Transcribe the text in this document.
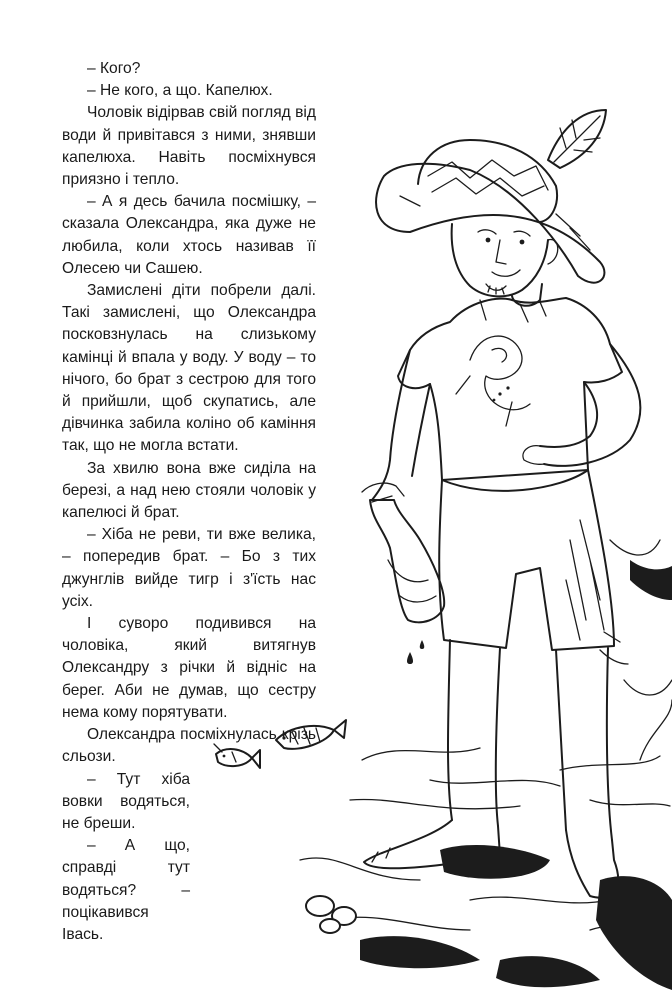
– Кого?

– Не кого, а що. Капелюх.

Чоловік відірвав свій погляд від води й привітався з ними, знявши капелюха. Навіть посміхнувся приязно і тепло.

– А я десь бачила посмішку, – сказала Олександра, яка дуже не любила, коли хтось називав її Олесею чи Сашею.

Замислені діти побрели далі. Такі замислені, що Олександра посковзнулась на слизькому камінці й впала у воду. У воду – то нічого, бо брат з сестрою для того й прийшли, щоб скупатись, але дівчинка забила коліно об каміння так, що не могла встати.

За хвилю вона вже сиділа на березі, а над нею стояли чоловік у капелюсі й брат.

– Хіба не реви, ти вже велика, – попередив брат. – Бо з тих джунглів вийде тигр і з'їсть нас усіх.

І суворо подивився на чоловіка, який витягнув Олександру з річки й відніс на берег. Аби не думав, що сестру нема кому порятувати.

Олександра посміхнулась крізь сльози.

– Тут хіба вовки водяться, не бреши.

– А що, справді тут водяться? – поцікавився Івась.
